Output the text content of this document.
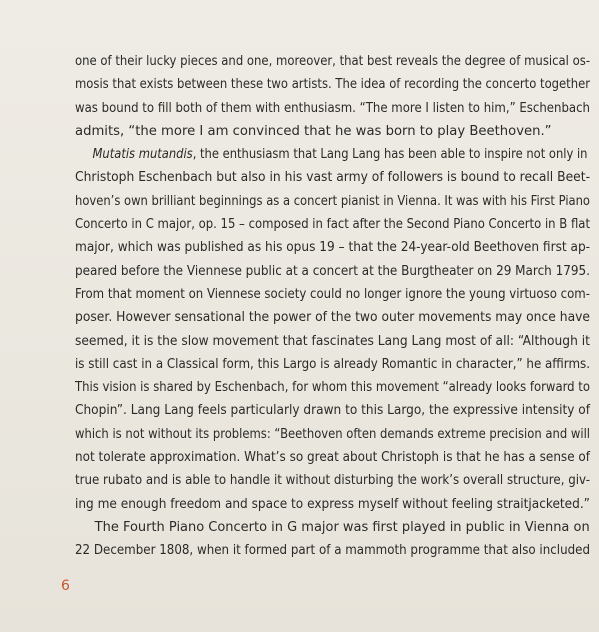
one of their lucky pieces and one, moreover, that best reveals the degree of musical os-
mosis that exists between these two artists. The idea of recording the concerto together
was bound to fill both of them with enthusiasm. “The more I listen to him,” Eschenbach
admits, “the more I am convinced that he was born to play Beethoven.”
Mutatis mutandis, the enthusiasm that Lang Lang has been able to inspire not only in
Christoph Eschenbach but also in his vast army of followers is bound to recall Beet-
hoven’s own brilliant beginnings as a concert pianist in Vienna. It was with his First Piano
Concerto in C major, op. 15 – composed in fact after the Second Piano Concerto in B flat
major, which was published as his opus 19 – that the 24-year-old Beethoven first ap-
peared before the Viennese public at a concert at the Burgtheater on 29 March 1795.
From that moment on Viennese society could no longer ignore the young virtuoso com-
poser. However sensational the power of the two outer movements may once have
seemed, it is the slow movement that fascinates Lang Lang most of all: “Although it
is still cast in a Classical form, this Largo is already Romantic in character,” he affirms.
This vision is shared by Eschenbach, for whom this movement “already looks forward to
Chopin”. Lang Lang feels particularly drawn to this Largo, the expressive intensity of
which is not without its problems: “Beethoven often demands extreme precision and will
not tolerate approximation. What’s so great about Christoph is that he has a sense of
true rubato and is able to handle it without disturbing the work’s overall structure, giv-
ing me enough freedom and space to express myself without feeling straitjacketed.”
The Fourth Piano Concerto in G major was first played in public in Vienna on
22 December 1808, when it formed part of a mammoth programme that also included
6
